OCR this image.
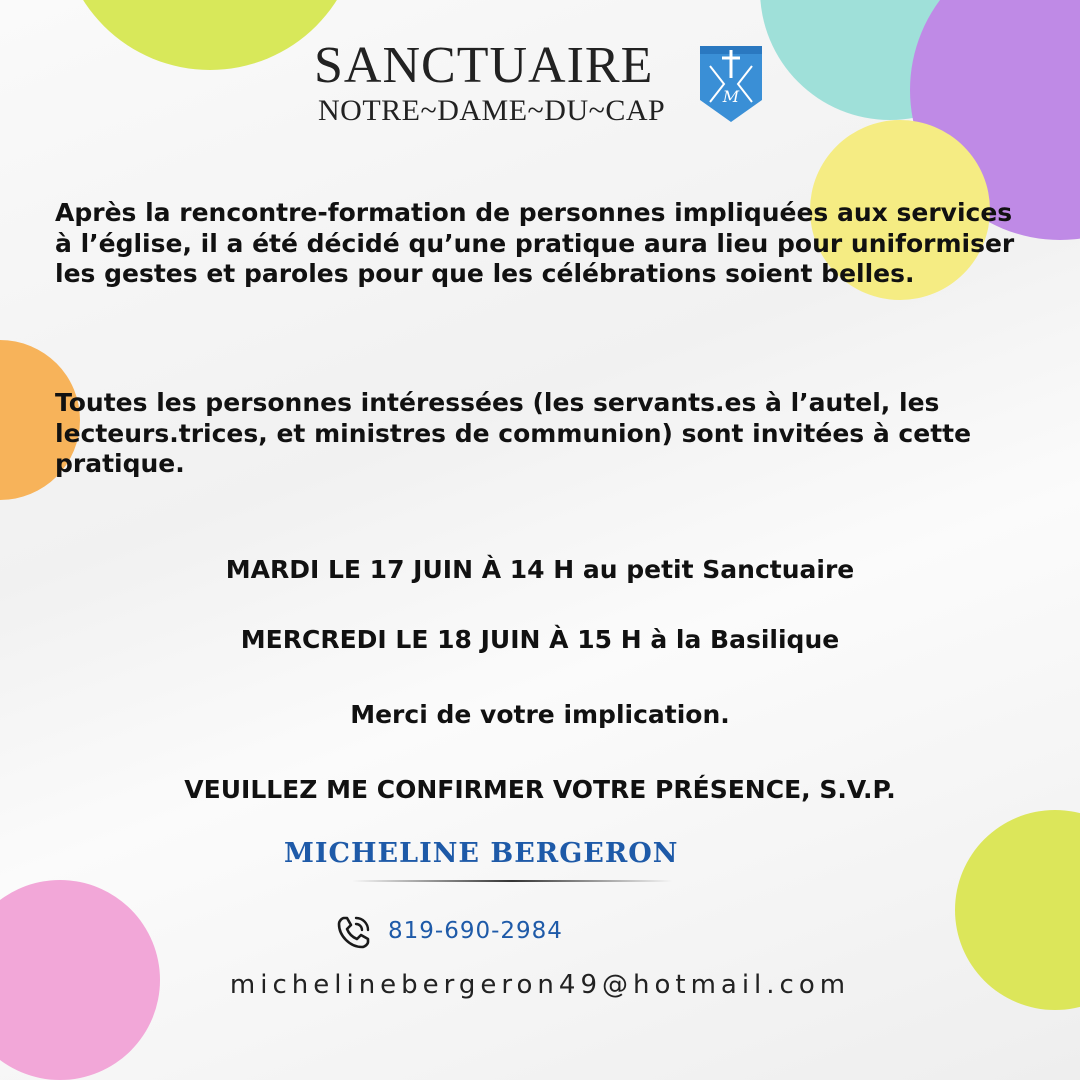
SANCTUAIRE
NOTRE~DAME~DU~CAP	M
Après la rencontre-formation de personnes impliquées aux services à l’église, il a été décidé qu’une pratique aura lieu pour uniformiser les gestes et paroles pour que les célébrations soient belles.
Toutes les personnes intéressées (les servants.es à l’autel, les lecteurs.trices, et ministres de communion) sont invitées à cette pratique.
MARDI LE 17 JUIN À 14 H au petit Sanctuaire
MERCREDI LE 18 JUIN À 15 H à la Basilique
Merci de votre implication.
VEUILLEZ ME CONFIRMER VOTRE PRÉSENCE, S.V.P.
MICHELINE BERGERON
819-690-2984
michelinebergeron49@hotmail.com
